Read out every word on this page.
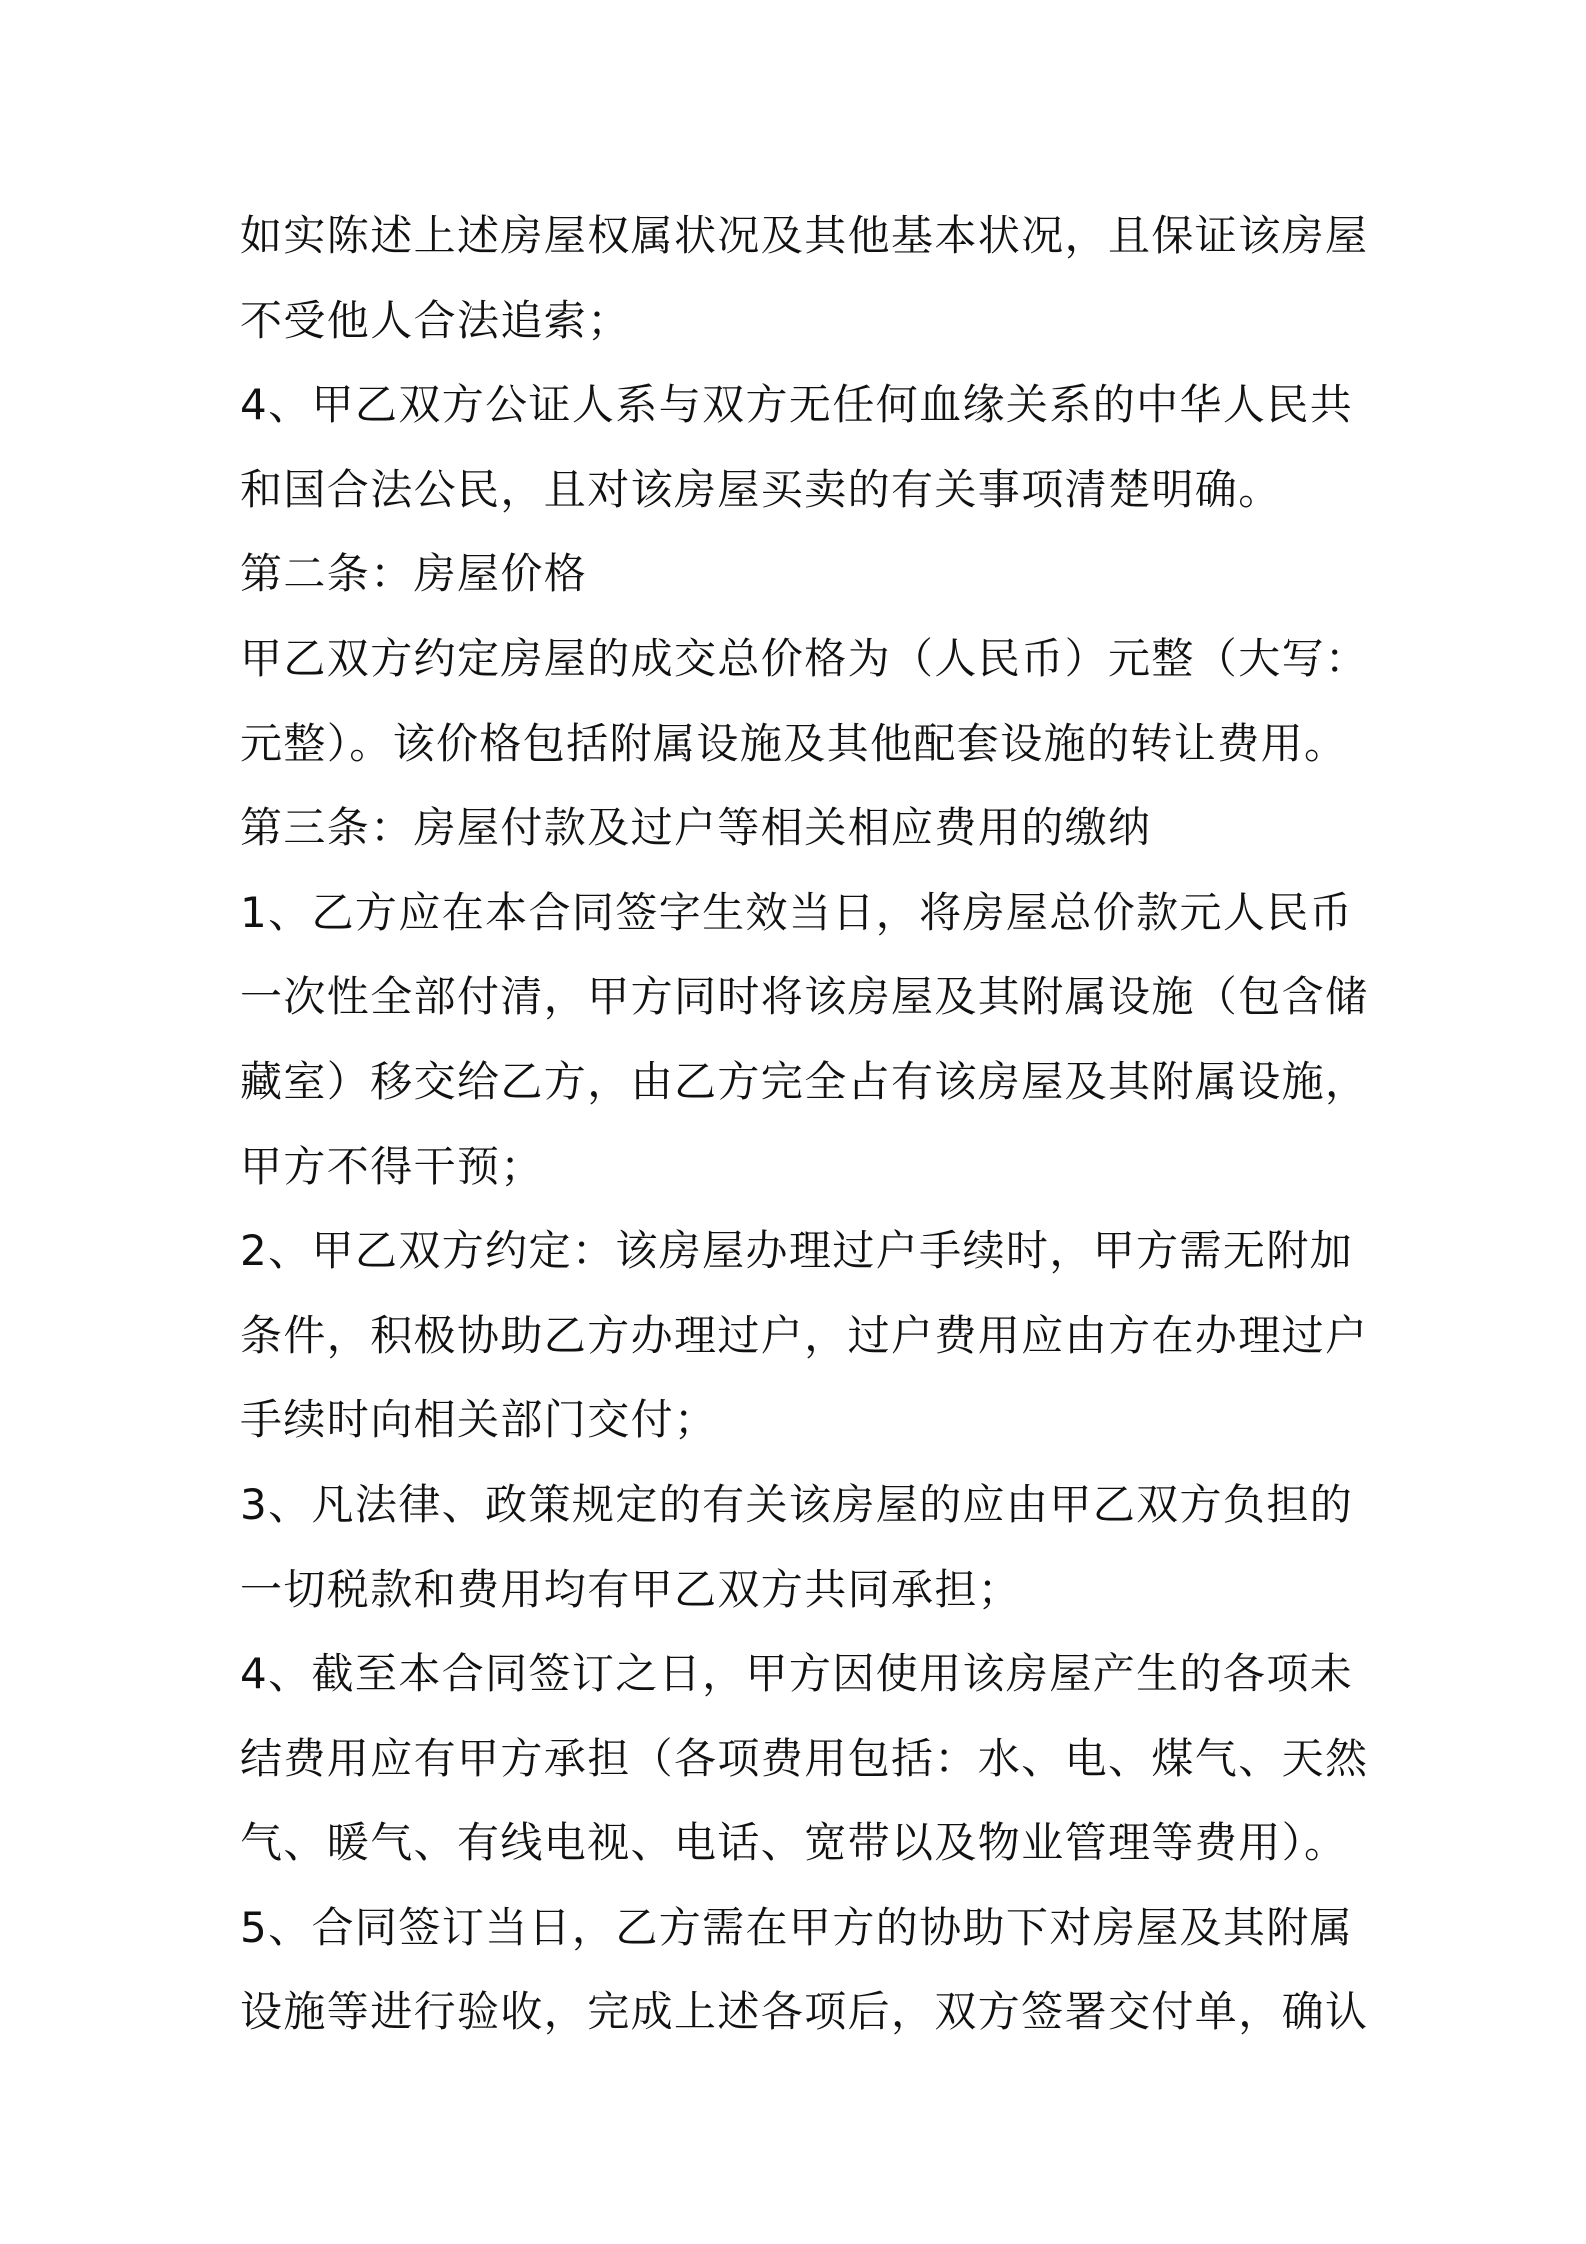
如实陈述上述房屋权属状况及其他基本状况，且保证该房屋
不受他人合法追索；
4、甲乙双方公证人系与双方无任何血缘关系的中华人民共
和国合法公民，且对该房屋买卖的有关事项清楚明确。
第二条：房屋价格
甲乙双方约定房屋的成交总价格为（人民币）元整（大写：
元整）。该价格包括附属设施及其他配套设施的转让费用。
第三条：房屋付款及过户等相关相应费用的缴纳
1、乙方应在本合同签字生效当日，将房屋总价款元人民币
一次性全部付清，甲方同时将该房屋及其附属设施（包含储
藏室）移交给乙方，由乙方完全占有该房屋及其附属设施，
甲方不得干预；
2、甲乙双方约定：该房屋办理过户手续时，甲方需无附加
条件，积极协助乙方办理过户，过户费用应由方在办理过户
手续时向相关部门交付；
3、凡法律、政策规定的有关该房屋的应由甲乙双方负担的
一切税款和费用均有甲乙双方共同承担；
4、截至本合同签订之日，甲方因使用该房屋产生的各项未
结费用应有甲方承担（各项费用包括：水、电、煤气、天然
气、暖气、有线电视、电话、宽带以及物业管理等费用）。
5、合同签订当日，乙方需在甲方的协助下对房屋及其附属
设施等进行验收，完成上述各项后，双方签署交付单，确认
